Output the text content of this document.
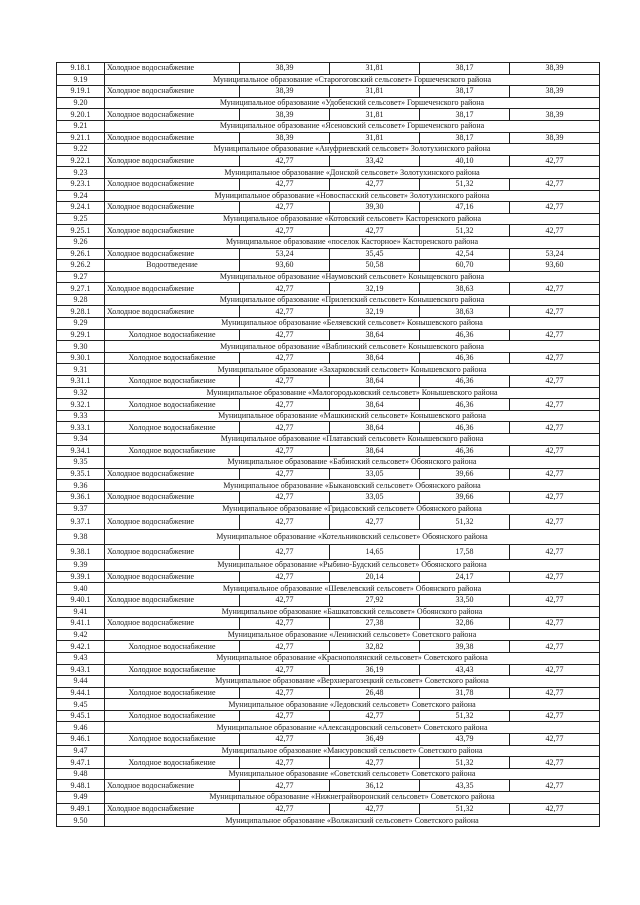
9.18.1	Холодное водоснабжение	38,39	31,81	38,17	38,39
9.19	Муниципальное образование «Старогоговский сельсовет» Горшеченского района				
9.19.1	Холодное водоснабжение	38,39	31,81	38,17	38,39
9.20	Муниципальное образование «Удобенский сельсовет» Горшеченского района				
9.20.1	Холодное водоснабжение	38,39	31,81	38,17	38,39
9.21	Муниципальное образование «Ясеновский сельсовет» Горшеченского района				
9.21.1	Холодное водоснабжение	38,39	31,81	38,17	38,39
9.22	Муниципальное образование «Ануфриевский сельсовет» Золотухинского района				
9.22.1	Холодное водоснабжение	42,77	33,42	40,10	42,77
9.23	Муниципальное образование «Донской сельсовет» Золотухинского района				
9.23.1	Холодное водоснабжение	42,77	42,77	51,32	42,77
9.24	Муниципальное образование «Новоспасский сельсовет» Золотухинского района				
9.24.1	Холодное водоснабжение	42,77	39,30	47,16	42,77
9.25	Муниципальное образование «Котовский сельсовет» Касторенского района				
9.25.1	Холодное водоснабжение	42,77	42,77	51,32	42,77
9.26	Муниципальное образование «поселок Касторное» Касторенского района				
9.26.1	Холодное водоснабжение	53,24	35,45	42,54	53,24
9.26.2	Водоотведение	93,60	50,58	60,70	93,60
9.27	Муниципальное образование «Наумовский сельсовет» Коныщевского района				
9.27.1	Холодное водоснабжение	42,77	32,19	38,63	42,77
9.28	Муниципальное образование «Прилепский сельсовет» Конышевского района				
9.28.1	Холодное водоснабжение	42,77	32,19	38,63	42,77
9.29	Муниципальное образование «Беляевский сельсовет» Конышевского района				
9.29.1	Холодное водоснабжение	42,77	38,64	46,36	42,77
9.30	Муниципальное образование «Ваблинский сельсовет» Конышевского района				
9.30.1	Холодное водоснабжение	42,77	38,64	46,36	42,77
9.31	Муниципальное образование «Захарковский сельсовет» Конышевского района				
9.31.1	Холодное водоснабжение	42,77	38,64	46,36	42,77
9.32	Муниципальное образование «Малогородьковский сельсовет» Конышевского района				
9.32.1	Холодное водоснабжение	42,77	38,64	46,36	42,77
9.33	Муниципальное образование «Машкинский сельсовет» Конышевского района				
9.33.1	Холодное водоснабжение	42,77	38,64	46,36	42,77
9.34	Муниципальное образование «Платавский сельсовет» Конышевского района				
9.34.1	Холодное водоснабжение	42,77	38,64	46,36	42,77
9.35	Муниципальное образование «Бабинский сельсовет» Обоянского района				
9.35.1	Холодное водоснабжение	42,77	33,05	39,66	42,77
9.36	Муниципальное образование «Быкановский сельсовет» Обоянского района				
9.36.1	Холодное водоснабжение	42,77	33,05	39,66	42,77
9.37	Муниципальное образование «Гридасовский сельсовет» Обоянского района				
9.37.1	Холодное водоснабжение	42,77	42,77	51,32	42,77
9.38	Муниципальное образование «Котельниковский сельсовет» Обоянского района				
9.38.1	Холодное водоснабжение	42,77	14,65	17,58	42,77
9.39	Муниципальное образование «Рыбино-Будский сельсовет» Обоянского района				
9.39.1	Холодное водоснабжение	42,77	20,14	24,17	42,77
9.40	Муниципальное образование «Шевелевский сельсовет» Обоянского района				
9.40.1	Холодное водоснабжение	42,77	27,92	33,50	42,77
9.41	Муниципальное образование «Башкатовский сельсовет» Обоянского района				
9.41.1	Холодное водоснабжение	42,77	27,38	32,86	42,77
9.42	Муниципальное образование «Ленинский сельсовет» Советского района				
9.42.1	Холодное водоснабжение	42,77	32,82	39,38	42,77
9.43	Муниципальное образование «Краснополянский сельсовет» Советского района				
9.43.1	Холодное водоснабжение	42,77	36,19	43,43	42,77
9.44	Муниципальное образование «Верхнерагозецкий сельсовет» Советского района				
9.44.1	Холодное водоснабжение	42,77	26,48	31,78	42,77
9.45	Муниципальное образование «Ледовский сельсовет» Советского района				
9.45.1	Холодное водоснабжение	42,77	42,77	51,32	42,77
9.46	Муниципальное образование «Александровский сельсовет» Советского района				
9.46.1	Холодное водоснабжение	42,77	36,49	43,79	42,77
9.47	Муниципальное образование «Мансуровский сельсовет» Советского района				
9.47.1	Холодное водоснабжение	42,77	42,77	51,32	42,77
9.48	Муниципальное образование «Советский сельсовет» Советского района				
9.48.1	Холодное водоснабжение	42,77	36,12	43,35	42,77
9.49	Муниципальное образование «Нижнеграйворонский сельсовет» Советского района				
9.49.1	Холодное водоснабжение	42,77	42,77	51,32	42,77
9.50	Муниципальное образование «Волжанский сельсовет» Советского района				
